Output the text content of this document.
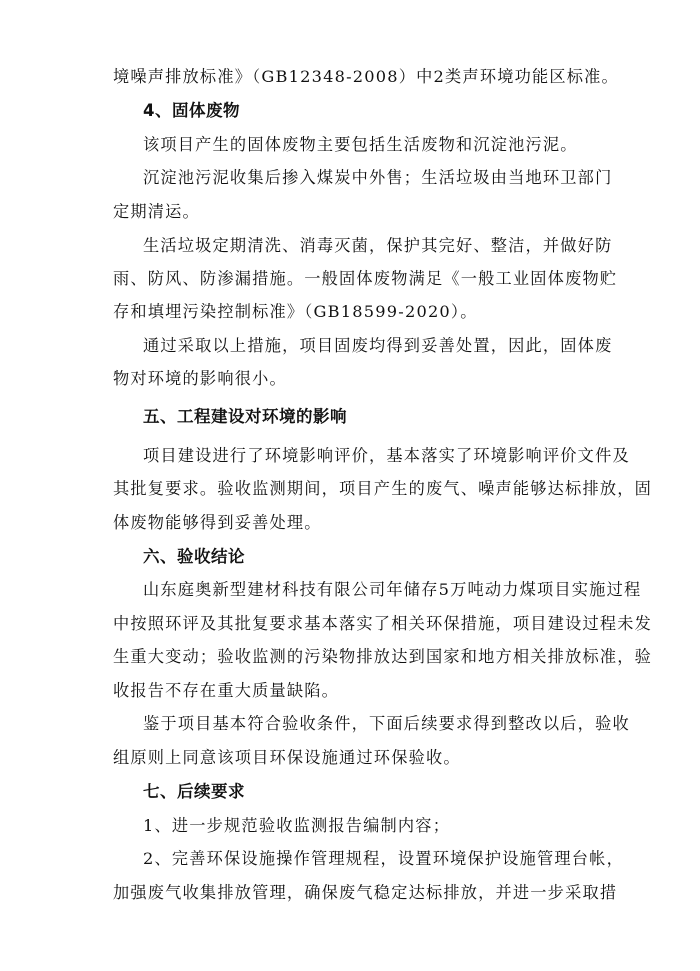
境噪声排放标准》（GB12348-2008）中2类声环境功能区标准。
4、固体废物
该项目产生的固体废物主要包括生活废物和沉淀池污泥。
沉淀池污泥收集后掺入煤炭中外售；生活垃圾由当地环卫部门
定期清运。
生活垃圾定期清洗、消毒灭菌，保护其完好、整洁，并做好防
雨、防风、防渗漏措施。一般固体废物满足《一般工业固体废物贮
存和填埋污染控制标准》（GB18599-2020）。
通过采取以上措施，项目固废均得到妥善处置，因此，固体废
物对环境的影响很小。
五、工程建设对环境的影响
项目建设进行了环境影响评价，基本落实了环境影响评价文件及
其批复要求。验收监测期间，项目产生的废气、噪声能够达标排放，固
体废物能够得到妥善处理。
六、验收结论
山东庭奥新型建材科技有限公司年储存5万吨动力煤项目实施过程
中按照环评及其批复要求基本落实了相关环保措施，项目建设过程未发
生重大变动；验收监测的污染物排放达到国家和地方相关排放标准，验
收报告不存在重大质量缺陷。
鉴于项目基本符合验收条件，下面后续要求得到整改以后，验收
组原则上同意该项目环保设施通过环保验收。
七、后续要求
1、进一步规范验收监测报告编制内容；
2、完善环保设施操作管理规程，设置环境保护设施管理台帐，
加强废气收集排放管理，确保废气稳定达标排放，并进一步采取措
